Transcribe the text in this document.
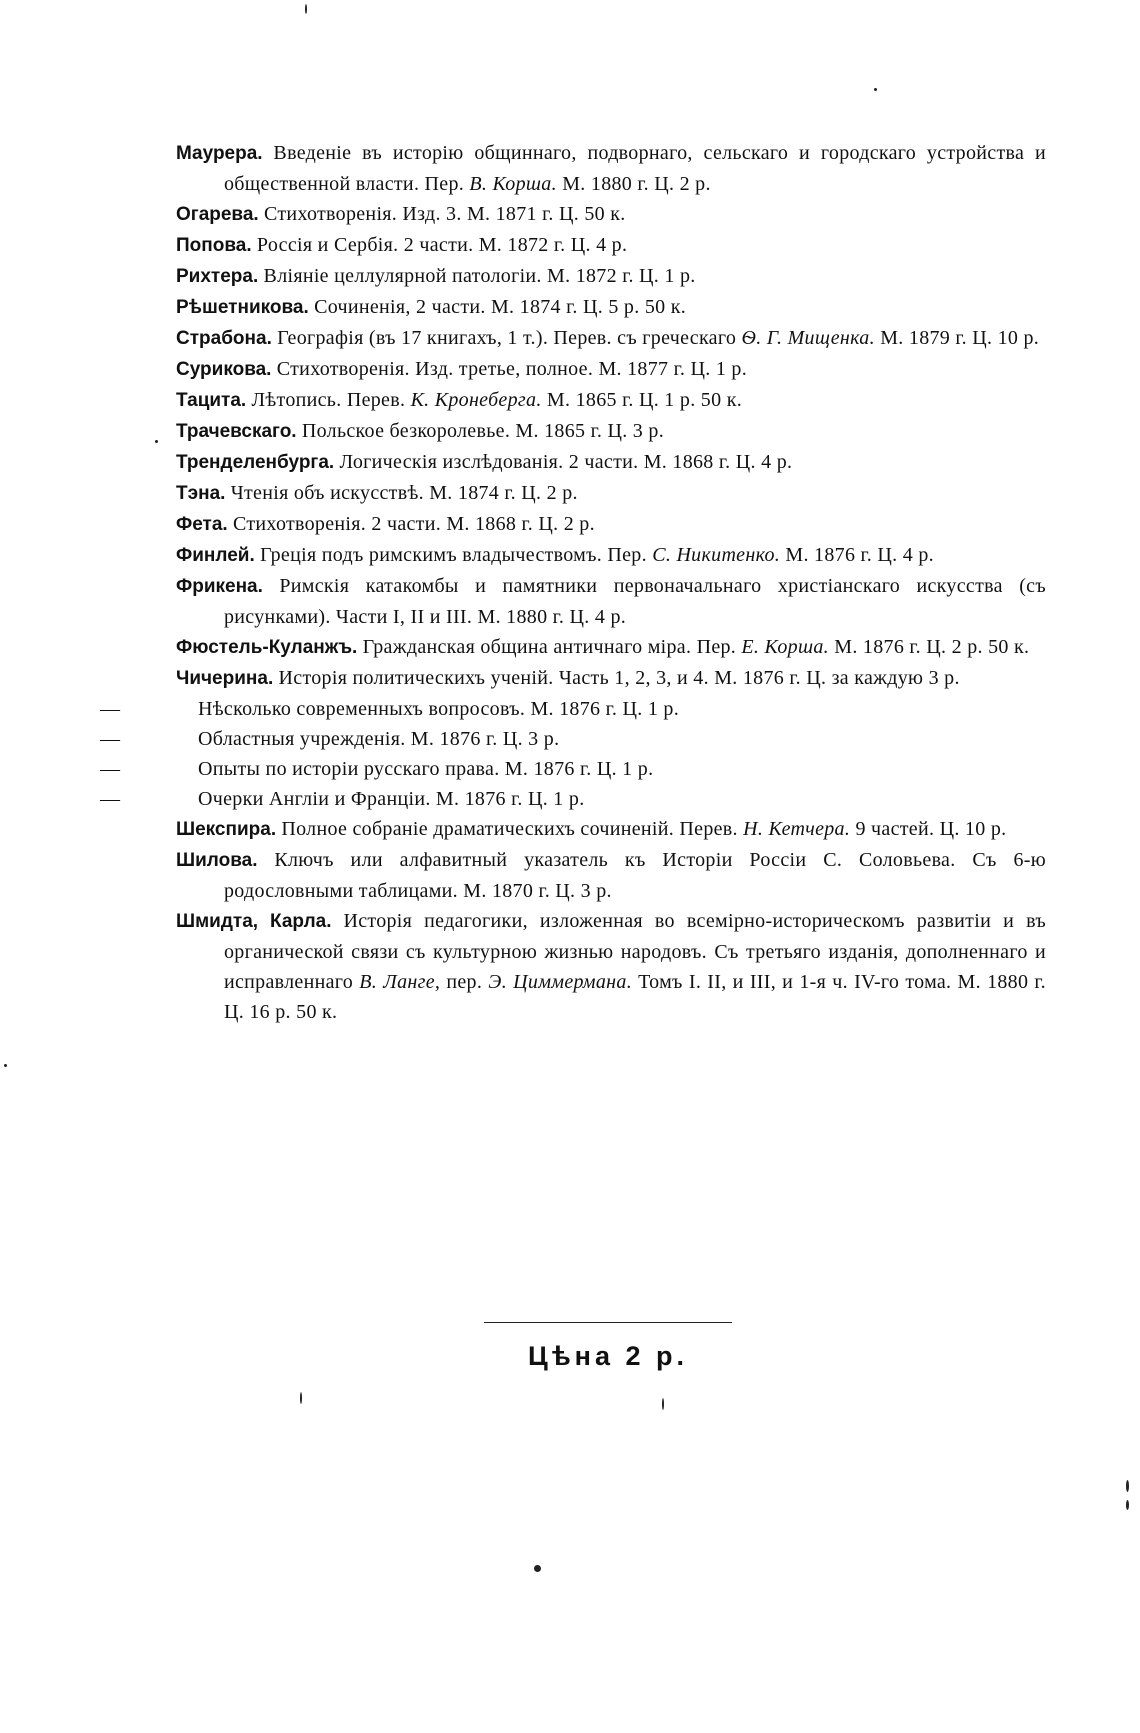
Маурера. Введеніе въ исторію общиннаго, подворнаго, сельскаго и городскаго устройства и общественной власти. Пер. В. Корша. М. 1880 г. Ц. 2 р.
Огарева. Стихотворенія. Изд. 3. М. 1871 г. Ц. 50 к.
Попова. Россія и Сербія. 2 части. М. 1872 г. Ц. 4 р.
Рихтера. Вліяніе целлулярной патологіи. М. 1872 г. Ц. 1 р.
Рѣшетникова. Сочиненія, 2 части. М. 1874 г. Ц. 5 р. 50 к.
Страбона. Географія (въ 17 книгахъ, 1 т.). Перев. съ греческаго Ѳ. Г. Мищенка. М. 1879 г. Ц. 10 р.
Сурикова. Стихотворенія. Изд. третье, полное. М. 1877 г. Ц. 1 р.
Тацита. Лѣтопись. Перев. К. Кронеберга. М. 1865 г. Ц. 1 р. 50 к.
Трачевскаго. Польское безкоролевье. М. 1865 г. Ц. 3 р.
Тренделенбурга. Логическія изслѣдованія. 2 части. М. 1868 г. Ц. 4 р.
Тэна. Чтенія объ искусствѣ. М. 1874 г. Ц. 2 р.
Фета. Стихотворенія. 2 части. М. 1868 г. Ц. 2 р.
Финлей. Греція подъ римскимъ владычествомъ. Пер. С. Никитенко. М. 1876 г. Ц. 4 р.
Фрикена. Римскія катакомбы и памятники первоначальнаго христіанскаго искусства (съ рисунками). Части I, II и III. М. 1880 г. Ц. 4 р.
Фюстель-Куланжъ. Гражданская община античнаго міра. Пер. Е. Корша. М. 1876 г. Ц. 2 р. 50 к.
Чичерина. Исторія политическихъ ученій. Часть 1, 2, 3, и 4. М. 1876 г. Ц. за каждую 3 р.
—	Нѣсколько современныхъ вопросовъ. М. 1876 г. Ц. 1 р.
—	Областныя учрежденія. М. 1876 г. Ц. 3 р.
—	Опыты по исторіи русскаго права. М. 1876 г. Ц. 1 р.
—	Очерки Англіи и Франціи. М. 1876 г. Ц. 1 р.
Шекспира. Полное собраніе драматическихъ сочиненій. Перев. Н. Кетчера. 9 частей. Ц. 10 р.
Шилова. Ключъ или алфавитный указатель къ Исторіи Россіи С. Соловьева. Съ 6-ю родословными таблицами. М. 1870 г. Ц. 3 р.
Шмидта, Карла. Исторія педагогики, изложенная во всемірно-историческомъ развитіи и въ органической связи съ культурною жизнью народовъ. Съ третьяго изданія, дополненнаго и исправленнаго В. Ланге, пер. Э. Циммермана. Томъ I. II, и III, и 1-я ч. IV-го тома. М. 1880 г. Ц. 16 р. 50 к.
Цѣна 2 р.
